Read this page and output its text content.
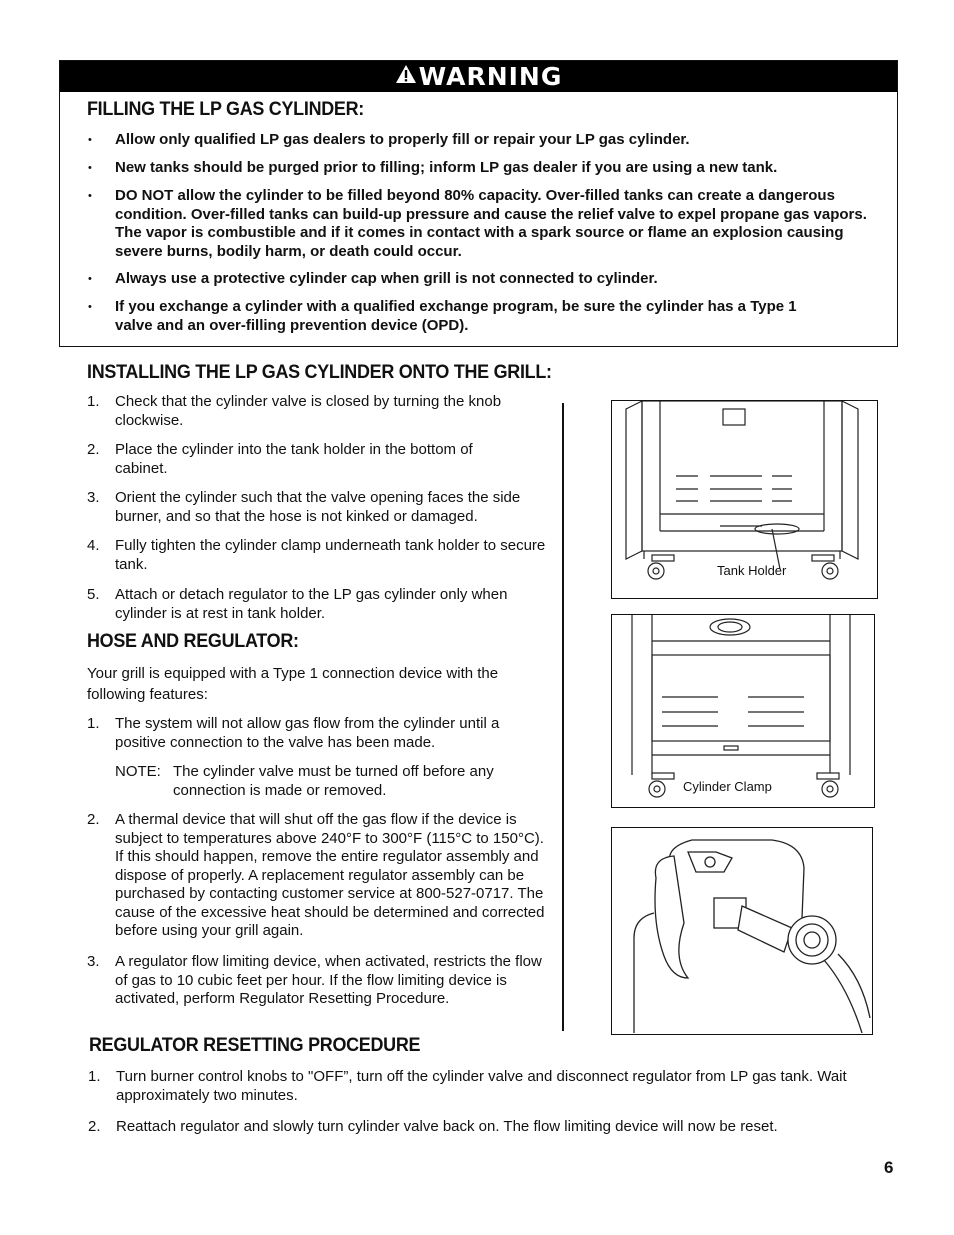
WARNING
FILLING THE LP GAS CYLINDER:
• Allow only qualified LP gas dealers to properly fill or repair your LP gas cylinder.
• New tanks should be purged prior to filling; inform LP gas dealer if you are using a new tank.
• DO NOT allow the cylinder to be filled beyond 80% capacity. Over-filled tanks can create a dangerous condition. Over-filled tanks can build-up pressure and cause the relief valve to expel propane gas vapors. The vapor is combustible and if it comes in contact with a spark source or flame an explosion causing severe burns, bodily harm, or death could occur.
• Always use a protective cylinder cap when grill is not connected to cylinder.
• If you exchange a cylinder with a qualified exchange program, be sure the cylinder has a Type 1 valve and an over-filling prevention device (OPD).
INSTALLING THE LP GAS CYLINDER ONTO THE GRILL:
1. Check that the cylinder valve is closed by turning the knob clockwise.
2. Place the cylinder into the tank holder in the bottom of cabinet.
3. Orient the cylinder such that the valve opening faces the side burner, and so that the hose is not kinked or damaged.
4. Fully tighten the cylinder clamp underneath tank holder to secure tank.
5. Attach or detach regulator to the LP gas cylinder only when cylinder is at rest in tank holder.
HOSE AND REGULATOR:
Your grill is equipped with a Type 1 connection device with the following features:
1. The system will not allow gas flow from the cylinder until a positive connection to the valve has been made.
NOTE: The cylinder valve must be turned off before any connection is made or removed.
2. A thermal device that will shut off the gas flow if the device is subject to temperatures above 240°F to 300°F (115°C to 150°C). If this should happen, remove the entire regulator assembly and dispose of properly. A replacement regulator assembly can be purchased by contacting customer service at 800-527-0717. The cause of the excessive heat should be determined and corrected before using your grill again.
3. A regulator flow limiting device, when activated, restricts the flow of gas to 10 cubic feet per hour. If the flow limiting device is activated, perform Regulator Resetting Procedure.
Tank Holder
Cylinder Clamp
REGULATOR RESETTING PROCEDURE
1. Turn burner control knobs to "OFF”, turn off the cylinder valve and disconnect regulator from LP gas tank. Wait approximately two minutes.
2. Reattach regulator and slowly turn cylinder valve back on. The flow limiting device will now be reset.
6
